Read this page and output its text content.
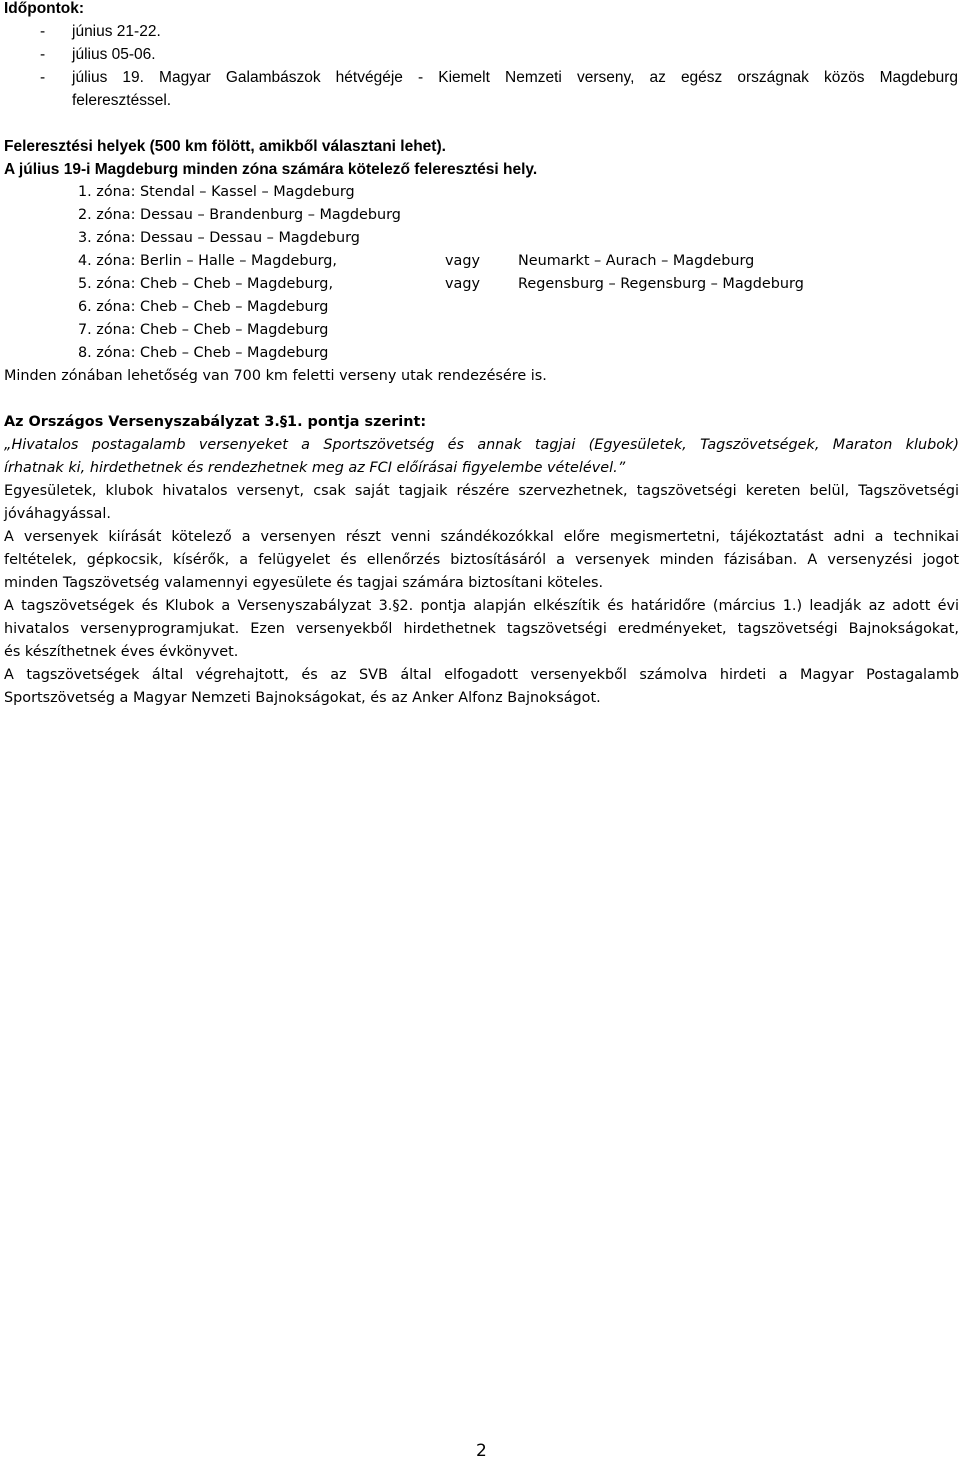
Időpontok:
- június 21-22.
- július 05-06.
-	július 19. Magyar Galambászok hétvégéje - Kiemelt Nemzeti verseny, az egész országnak közös Magdeburg
feleresztéssel.
Feleresztési helyek (500 km fölött, amikből választani lehet).
A július 19-i Magdeburg minden zóna számára kötelező feleresztési hely.
1. zóna: Stendal – Kassel – Magdeburg
2. zóna: Dessau – Brandenburg – Magdeburg
3. zóna: Dessau – Dessau – Magdeburg
4. zóna: Berlin – Halle – Magdeburg,	vagy	Neumarkt – Aurach – Magdeburg
5. zóna: Cheb – Cheb – Magdeburg,	vagy	Regensburg – Regensburg – Magdeburg
6. zóna: Cheb – Cheb – Magdeburg
7. zóna: Cheb – Cheb – Magdeburg
8. zóna: Cheb – Cheb – Magdeburg
Minden zónában lehetőség van 700 km feletti verseny utak rendezésére is.
Az Országos Versenyszabályzat 3.§1. pontja szerint:
„Hivatalos postagalamb versenyeket a Sportszövetség és annak tagjai (Egyesületek, Tagszövetségek, Maraton klubok)
írhatnak ki, hirdethetnek és rendezhetnek meg az FCI előírásai figyelembe vételével.”
Egyesületek, klubok hivatalos versenyt, csak saját tagjaik részére szervezhetnek, tagszövetségi kereten belül, Tagszövetségi
jóváhagyással.
A versenyek kiírását kötelező a versenyen részt venni szándékozókkal előre megismertetni, tájékoztatást adni a technikai
feltételek, gépkocsik, kísérők, a felügyelet és ellenőrzés biztosításáról a versenyek minden fázisában. A versenyzési jogot
minden Tagszövetség valamennyi egyesülete és tagjai számára biztosítani köteles.
A tagszövetségek és Klubok a Versenyszabályzat 3.§2. pontja alapján elkészítik és határidőre (március 1.) leadják az adott évi
hivatalos versenyprogramjukat. Ezen versenyekből hirdethetnek tagszövetségi eredményeket, tagszövetségi Bajnokságokat,
és készíthetnek éves évkönyvet.
A tagszövetségek által végrehajtott, és az SVB által elfogadott versenyekből számolva hirdeti a Magyar Postagalamb
Sportszövetség a Magyar Nemzeti Bajnokságokat, és az Anker Alfonz Bajnokságot.
2
